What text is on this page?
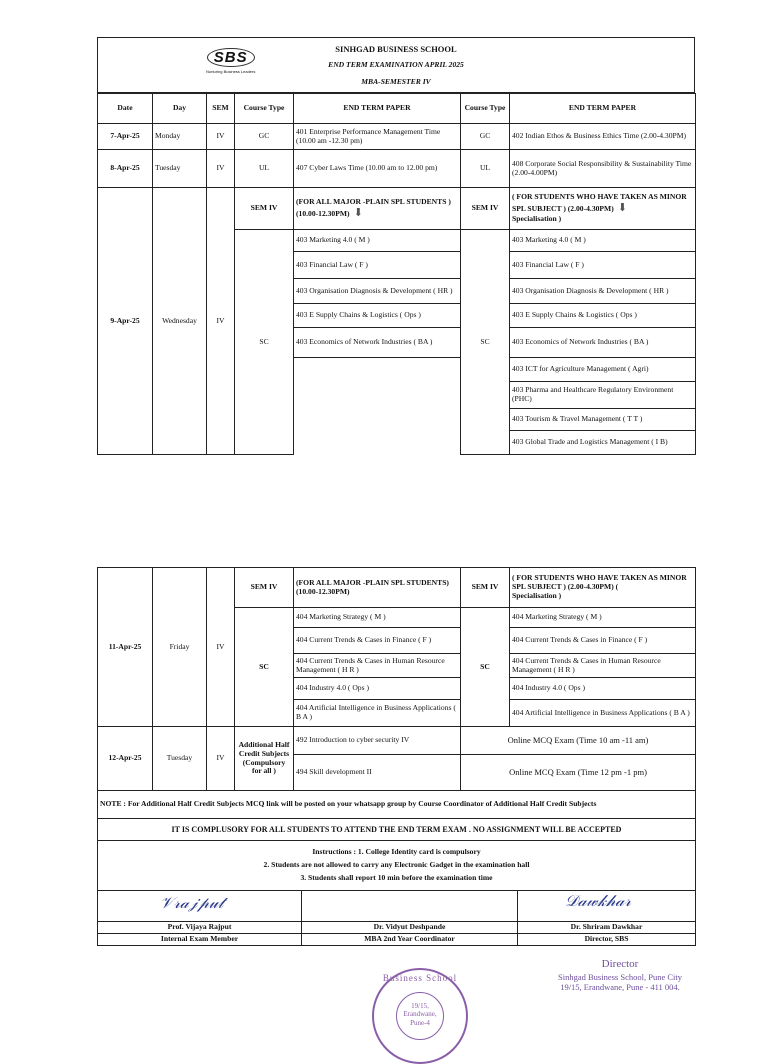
SBS
Nurturing Business Leaders
SINHGAD BUSINESS SCHOOL
END TERM EXAMINATION APRIL 2025
MBA-SEMESTER IV
Date	Day	SEM	Course Type	END TERM PAPER	Course Type	END TERM PAPER
7-Apr-25	Monday	IV	GC	401 Enterprise Performance Management Time (10.00 am -12.30 pm)	GC	402 Indian Ethos & Business Ethics Time (2.00-4.30PM)
8-Apr-25	Tuesday	IV	UL	407 Cyber Laws Time (10.00 am to 12.00 pm)	UL	408 Corporate Social Responsibility & Sustainability Time (2.00-4.00PM)
9-Apr-25	Wednesday	IV	SEM IV	(FOR ALL MAJOR -PLAIN SPL STUDENTS ) (10.00-12.30PM) ⬇	SEM IV	( FOR STUDENTS WHO HAVE TAKEN AS MINOR SPL SUBJECT ) (2.00-4.30PM) ⬇
Specialisation )
			SC	403 Marketing 4.0 ( M )	SC	403 Marketing 4.0 ( M )
				403 Financial Law ( F )		403 Financial Law ( F )
				403 Organisation Diagnosis & Development ( HR )		403 Organisation Diagnosis & Development ( HR )
				403 E Supply Chains & Logistics ( Ops )		403 E Supply Chains & Logistics ( Ops )
				403 Economics of Network Industries ( BA )		403 Economics of Network Industries ( BA )
						403 ICT for Agriculture Management ( Agri)
						403 Pharma and Healthcare Regulatory Environment (PHC)
						403 Tourism & Travel Management ( T T )
						403 Global Trade and Logistics Management ( I B)
11-Apr-25	Friday	IV	SEM IV	(FOR ALL MAJOR -PLAIN SPL STUDENTS) (10.00-12.30PM)	SEM IV	( FOR STUDENTS WHO HAVE TAKEN AS MINOR SPL SUBJECT ) (2.00-4.30PM) (
Specialisation )
			SC	404 Marketing Strategy ( M )	SC	404 Marketing Strategy ( M )
				404 Current Trends & Cases in Finance ( F )		404 Current Trends & Cases in Finance ( F )
				404 Current Trends & Cases in Human Resource Management ( H R )		404 Current Trends & Cases in Human Resource Management ( H R )
				404 Industry 4.0 ( Ops )		404 Industry 4.0 ( Ops )
				404 Artificial Intelligence in Business Applications ( B A )		404 Artificial Intelligence in Business Applications ( B A )
12-Apr-25	Tuesday	IV	Additional Half Credit Subjects (Compulsory for all )	492 Introduction to cyber security IV	Online MCQ Exam (Time 10 am -11 am)	
				494 Skill development II	Online MCQ Exam (Time 12 pm -1 pm)	
NOTE : For Additional Half Credit Subjects MCQ link will be posted on your whatsapp group by Course Coordinator of Additional Half Credit Subjects						
IT IS COMPLUSORY FOR ALL STUDENTS TO ATTEND THE END TERM EXAM . NO ASSIGNMENT WILL BE ACCEPTED						

Instructions : 1. College Identity card is compulsory
2. Students are not allowed to carry any Electronic Gadget in the examination hall
3. Students shall report 10 min before the examination time						
𝒱𝓇𝒶𝒿𝓅𝓊𝓉		𝒟𝒶𝓌𝓀𝒽𝒶𝓇

Prof. Vijaya Rajput	Dr. Vidyut Deshpande	Dr. Shriram Dawkhar
Internal Exam Member	MBA 2nd Year Coordinator	Director, SBS
Business School
19/15,
Erandwane,
Pune-4
Director
Sinhgad Business School, Pune City
19/15, Erandwane, Pune - 411 004.
